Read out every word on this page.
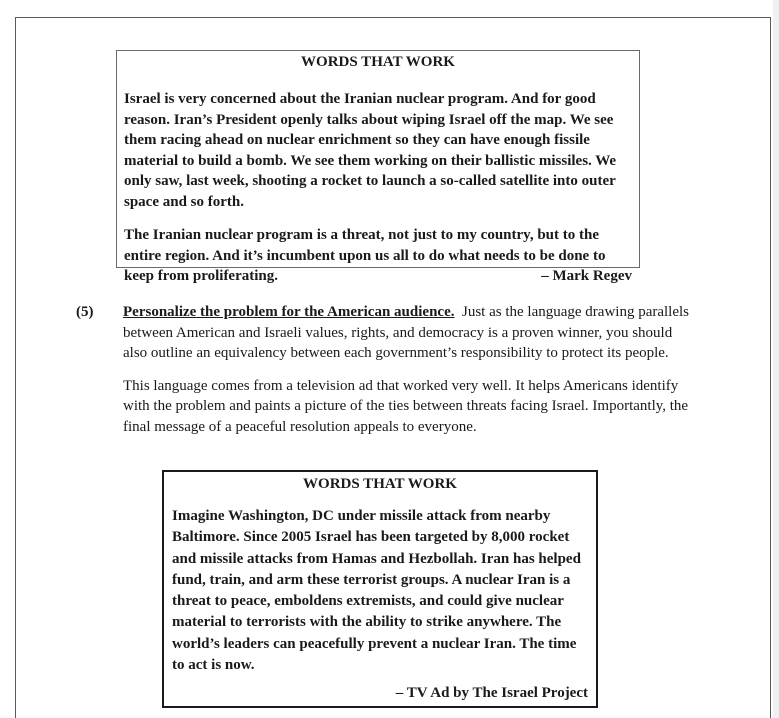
WORDS THAT WORK

Israel is very concerned about the Iranian nuclear program. And for good reason. Iran’s President openly talks about wiping Israel off the map. We see them racing ahead on nuclear enrichment so they can have enough fissile material to build a bomb. We see them working on their ballistic missiles. We only saw, last week, shooting a rocket to launch a so-called satellite into outer space and so forth.

The Iranian nuclear program is a threat, not just to my country, but to the entire region. And it’s incumbent upon us all to do what needs to be done to keep from proliferating.	– Mark Regev

(5) Personalize the problem for the American audience. Just as the language drawing parallels between American and Israeli values, rights, and democracy is a proven winner, you should also outline an equivalency between each government’s responsibility to protect its people.

This language comes from a television ad that worked very well. It helps Americans identify with the problem and paints a picture of the ties between threats facing Israel. Importantly, the final message of a peaceful resolution appeals to everyone.

WORDS THAT WORK

Imagine Washington, DC under missile attack from nearby Baltimore. Since 2005 Israel has been targeted by 8,000 rocket and missile attacks from Hamas and Hezbollah. Iran has helped fund, train, and arm these terrorist groups. A nuclear Iran is a threat to peace, emboldens extremists, and could give nuclear material to terrorists with the ability to strike anywhere. The world’s leaders can peacefully prevent a nuclear Iran. The time to act is now.

– TV Ad by The Israel Project
